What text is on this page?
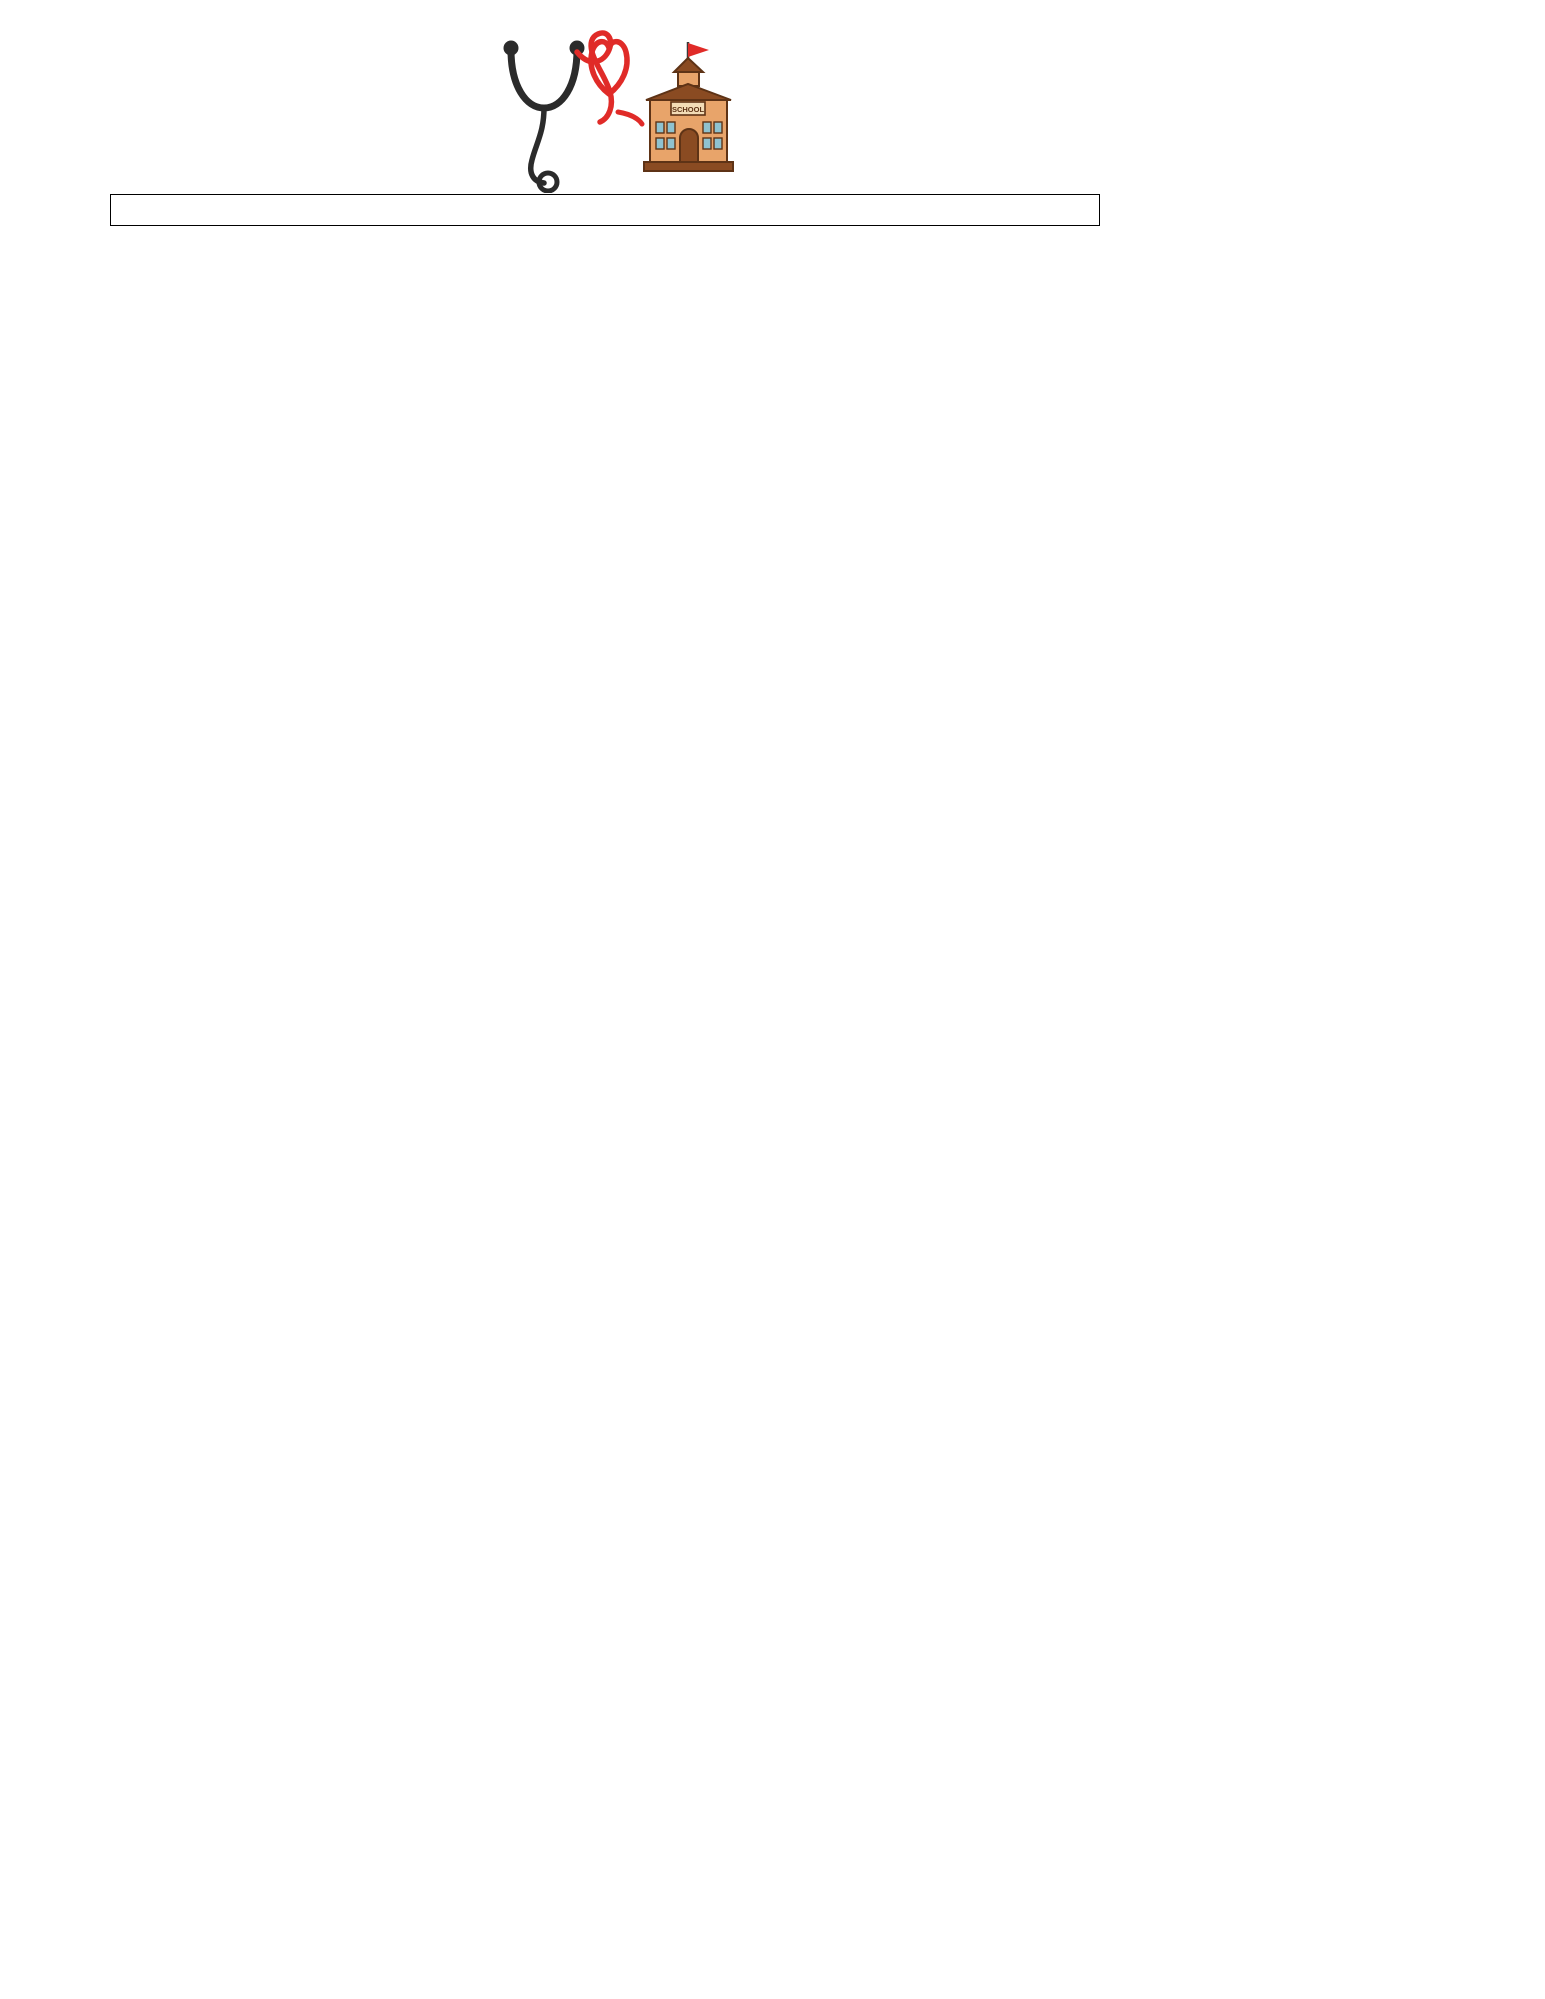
SCHOOL
